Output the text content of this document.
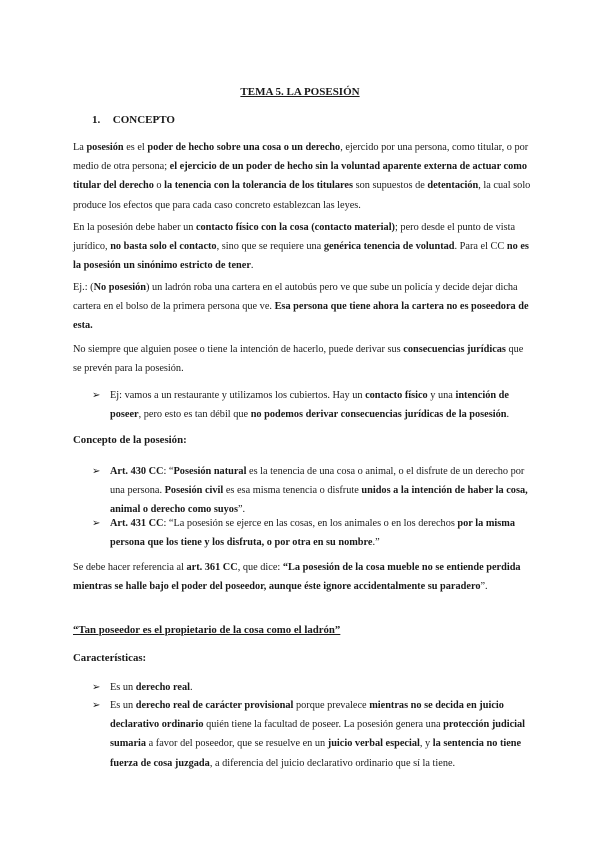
TEMA 5. LA POSESIÓN
1. CONCEPTO
La posesión es el poder de hecho sobre una cosa o un derecho, ejercido por una persona, como titular, o por medio de otra persona; el ejercicio de un poder de hecho sin la voluntad aparente externa de actuar como titular del derecho o la tenencia con la tolerancia de los titulares son supuestos de detentación, la cual solo produce los efectos que para cada caso concreto establezcan las leyes.
En la posesión debe haber un contacto físico con la cosa (contacto material); pero desde el punto de vista jurídico, no basta solo el contacto, sino que se requiere una genérica tenencia de voluntad. Para el CC no es la posesión un sinónimo estricto de tener.
Ej.: (No posesión) un ladrón roba una cartera en el autobús pero ve que sube un policía y decide dejar dicha cartera en el bolso de la primera persona que ve. Esa persona que tiene ahora la cartera no es poseedora de esta.
No siempre que alguien posee o tiene la intención de hacerlo, puede derivar sus consecuencias jurídicas que se prevén para la posesión.
➢ Ej: vamos a un restaurante y utilizamos los cubiertos. Hay un contacto físico y una intención de poseer, pero esto es tan débil que no podemos derivar consecuencias jurídicas de la posesión.
Concepto de la posesión:
➢ Art. 430 CC: “Posesión natural es la tenencia de una cosa o animal, o el disfrute de un derecho por una persona. Posesión civil es esa misma tenencia o disfrute unidos a la intención de haber la cosa, animal o derecho como suyos”.
➢ Art. 431 CC: “La posesión se ejerce en las cosas, en los animales o en los derechos por la misma persona que los tiene y los disfruta, o por otra en su nombre.”
Se debe hacer referencia al art. 361 CC, que dice: “La posesión de la cosa mueble no se entiende perdida mientras se halle bajo el poder del poseedor, aunque éste ignore accidentalmente su paradero”.
“Tan poseedor es el propietario de la cosa como el ladrón”
Características:
➢ Es un derecho real.
➢ Es un derecho real de carácter provisional porque prevalece mientras no se decida en juicio declarativo ordinario quién tiene la facultad de poseer. La posesión genera una protección judicial sumaria a favor del poseedor, que se resuelve en un juicio verbal especial, y la sentencia no tiene fuerza de cosa juzgada, a diferencia del juicio declarativo ordinario que sí la tiene.
